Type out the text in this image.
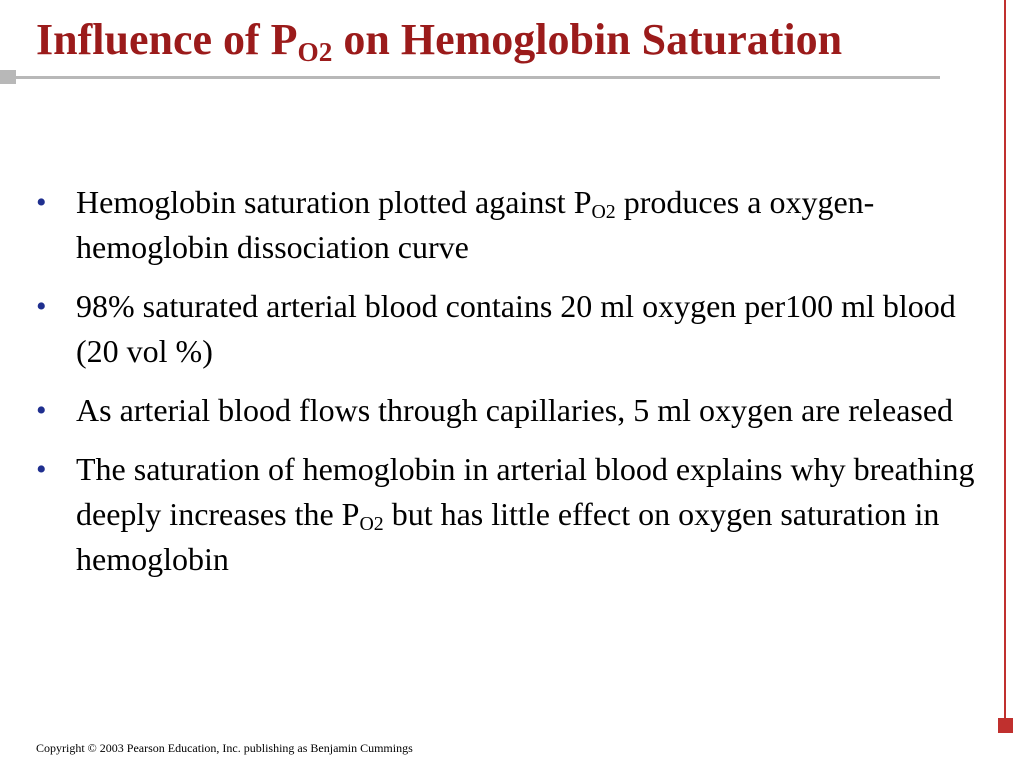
Influence of $P_{O2}$ on Hemoglobin Saturation
• Hemoglobin saturation plotted against $P_{O2}$ produces a oxygen-hemoglobin dissociation curve
• 98% saturated arterial blood contains 20 ml oxygen per100 ml blood (20 vol %)
• As arterial blood flows through capillaries, 5 ml oxygen are released
• The saturation of hemoglobin in arterial blood explains why breathing deeply increases the $P_{O2}$ but has little effect on oxygen saturation in hemoglobin
Copyright © 2003 Pearson Education, Inc. publishing as Benjamin Cummings
